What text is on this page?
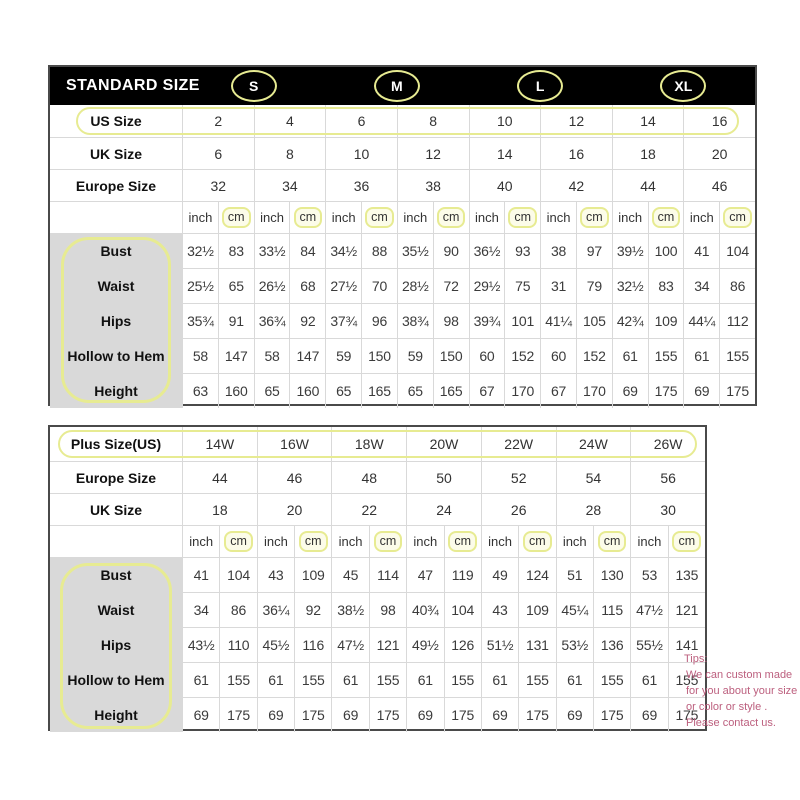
STANDARD SIZE	S	M	L	XL
US Size	2	4	6	8	10	12	14	16
UK Size	6	8	10	12	14	16	18	20
Europe Size	32	34	36	38	40	42	44	46
inch	cm	inch	cm	inch	cm	inch	cm	inch	cm	inch	cm	inch	cm	inch	cm
Bust	32½	83	33½	84	34½	88	35½	90	36½	93	38	97	39½ 100	41	104
Waist	25½	65	26½	68	27½	70	28½	72	29½	75	31	79	32½	83	34	86
Hips	35¾	91	36¾	92	37¾	96	38¾	98	39¾ 101 41¼ 105 42¾ 109 44¼ 112
Hollow to Hem	58	147	58	147	59	150	59	150	60	152	60	152	61	155	61	155
Height	63	160	65	160	65	165	65	165	67	170	67	170	69	175	69	175
Plus Size(US)	14W	16W	18W	20W	22W	24W	26W
Europe Size	44	46	48	50	52	54	56
UK Size	18	20	22	24	26	28	30
inch	cm	inch	cm	inch	cm	inch	cm	inch	cm	inch	cm	inch	cm
Bust	41	104	43	109	45	114	47	119	49	124	51	130	53	135
Waist	34	86	36¼	92	38½	98	40¾ 104	43	109 45¼ 115 47½ 121
Hips	43½ 110 45½ 116 47½ 121 49½ 126 51½ 131 53½ 136 55½ 141
Hollow to Hem	61	155	61	155	61	155	61	155	61	155	61	155	61	155
Height	69	175	69	175	69	175	69	175	69	175	69	175	69	175
Tips:
We can custom made
for you about your size
or color or style .
Please contact us.
